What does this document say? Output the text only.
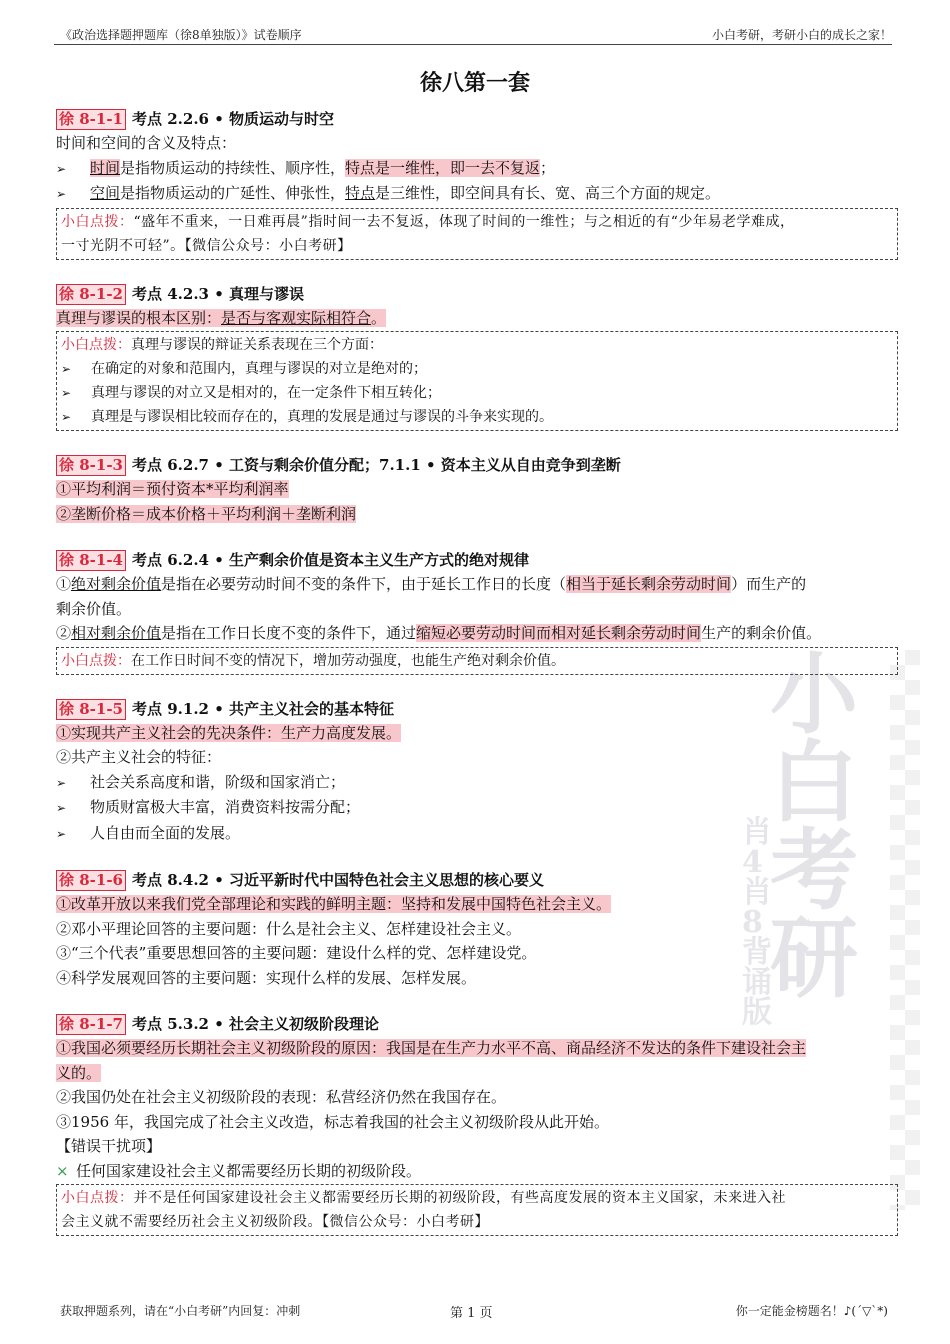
小白考研
肖4肖8背诵版
《政治选择题押题库（徐8单独版）》试卷顺序	小白考研，考研小白的成长之家！
徐八第一套
徐 8-1-1 考点 2.2.6 • 物质运动与时空
时间和空间的含义及特点：
➢ 时间是指物质运动的持续性、顺序性，特点是一维性，即一去不复返；
➢ 空间是指物质运动的广延性、伸张性，特点是三维性，即空间具有长、宽、高三个方面的规定。
小白点拨：“盛年不重来，一日难再晨”指时间一去不复返，体现了时间的一维性；与之相近的有“少年易老学难成，
一寸光阴不可轻”。【微信公众号：小白考研】
徐 8-1-2 考点 4.2.3 • 真理与谬误
真理与谬误的根本区别：是否与客观实际相符合。
小白点拨：真理与谬误的辩证关系表现在三个方面：
➢ 在确定的对象和范围内，真理与谬误的对立是绝对的；
➢ 真理与谬误的对立又是相对的，在一定条件下相互转化；
➢ 真理是与谬误相比较而存在的，真理的发展是通过与谬误的斗争来实现的。
徐 8-1-3 考点 6.2.7 • 工资与剩余价值分配；7.1.1 • 资本主义从自由竞争到垄断
①平均利润＝预付资本*平均利润率
②垄断价格＝成本价格＋平均利润＋垄断利润
徐 8-1-4 考点 6.2.4 • 生产剩余价值是资本主义生产方式的绝对规律
①绝对剩余价值是指在必要劳动时间不变的条件下，由于延长工作日的长度（相当于延长剩余劳动时间）而生产的
剩余价值。
②相对剩余价值是指在工作日长度不变的条件下，通过缩短必要劳动时间而相对延长剩余劳动时间生产的剩余价值。
小白点拨：在工作日时间不变的情况下，增加劳动强度，也能生产绝对剩余价值。
徐 8-1-5 考点 9.1.2 • 共产主义社会的基本特征
①实现共产主义社会的先决条件：生产力高度发展。
②共产主义社会的特征：
➢ 社会关系高度和谐，阶级和国家消亡；
➢ 物质财富极大丰富，消费资料按需分配；
➢ 人自由而全面的发展。
徐 8-1-6 考点 8.4.2 • 习近平新时代中国特色社会主义思想的核心要义
①改革开放以来我们党全部理论和实践的鲜明主题：坚持和发展中国特色社会主义。
②邓小平理论回答的主要问题：什么是社会主义、怎样建设社会主义。
③“三个代表”重要思想回答的主要问题：建设什么样的党、怎样建设党。
④科学发展观回答的主要问题：实现什么样的发展、怎样发展。
徐 8-1-7 考点 5.3.2 • 社会主义初级阶段理论
①我国必须要经历长期社会主义初级阶段的原因：我国是在生产力水平不高、商品经济不发达的条件下建设社会主
义的。
②我国仍处在社会主义初级阶段的表现：私营经济仍然在我国存在。
③1956 年，我国完成了社会主义改造，标志着我国的社会主义初级阶段从此开始。
【错误干扰项】
× 任何国家建设社会主义都需要经历长期的初级阶段。
小白点拨：并不是任何国家建设社会主义都需要经历长期的初级阶段，有些高度发展的资本主义国家，未来进入社
会主义就不需要经历社会主义初级阶段。【微信公众号：小白考研】
获取押题系列，请在“小白考研”内回复：冲刺	第 1 页	你一定能金榜题名！♪(´▽`*)
